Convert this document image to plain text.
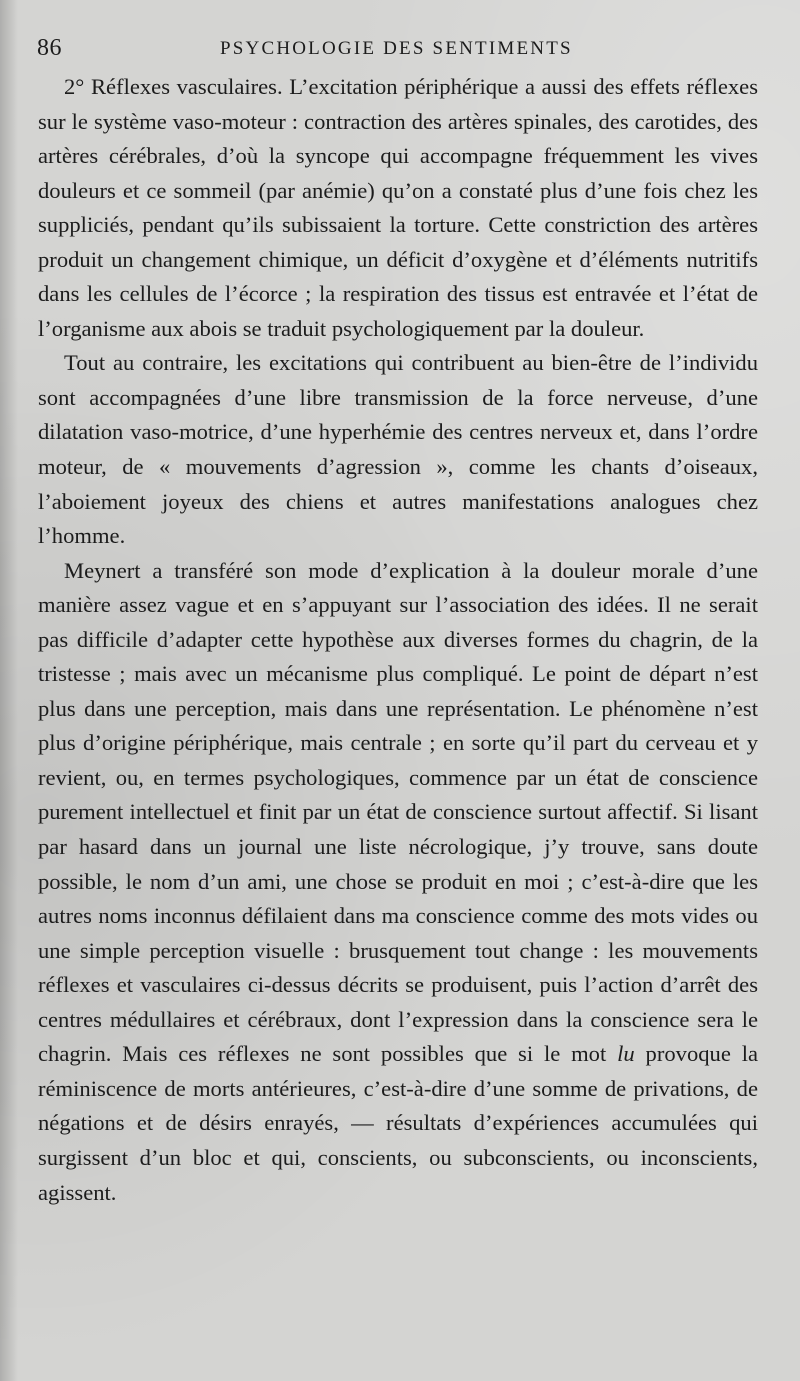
86	PSYCHOLOGIE DES SENTIMENTS

2° Réflexes vasculaires. L’excitation périphérique a aussi des effets réflexes sur le système vaso-moteur : contraction des artères spinales, des carotides, des artères cérébrales, d’où la syncope qui accompagne fréquemment les vives douleurs et ce sommeil (par anémie) qu’on a constaté plus d’une fois chez les suppliciés, pendant qu’ils subissaient la torture. Cette constriction des artères produit un changement chimique, un déficit d’oxygène et d’éléments nutritifs dans les cellules de l’écorce ; la respiration des tissus est entravée et l’état de l’organisme aux abois se traduit psychologiquement par la douleur.

Tout au contraire, les excitations qui contribuent au bien-être de l’individu sont accompagnées d’une libre transmission de la force nerveuse, d’une dilatation vaso-motrice, d’une hyperhémie des centres nerveux et, dans l’ordre moteur, de « mouvements d’agression », comme les chants d’oiseaux, l’aboiement joyeux des chiens et autres manifestations analogues chez l’homme.

Meynert a transféré son mode d’explication à la douleur morale d’une manière assez vague et en s’appuyant sur l’association des idées. Il ne serait pas difficile d’adapter cette hypothèse aux diverses formes du chagrin, de la tristesse ; mais avec un mécanisme plus compliqué. Le point de départ n’est plus dans une perception, mais dans une représentation. Le phénomène n’est plus d’origine périphérique, mais centrale ; en sorte qu’il part du cerveau et y revient, ou, en termes psychologiques, commence par un état de conscience purement intellectuel et finit par un état de conscience surtout affectif. Si lisant par hasard dans un journal une liste nécrologique, j’y trouve, sans doute possible, le nom d’un ami, une chose se produit en moi ; c’est-à-dire que les autres noms inconnus défilaient dans ma conscience comme des mots vides ou une simple perception visuelle : brusquement tout change : les mouvements réflexes et vasculaires ci-dessus décrits se produisent, puis l’action d’arrêt des centres médullaires et cérébraux, dont l’expression dans la conscience sera le chagrin. Mais ces réflexes ne sont possibles que si le mot lu provoque la réminiscence de morts antérieures, c’est-à-dire d’une somme de privations, de négations et de désirs enrayés, — résultats d’expériences accumulées qui surgissent d’un bloc et qui, conscients, ou subconscients, ou inconscients, agissent.
